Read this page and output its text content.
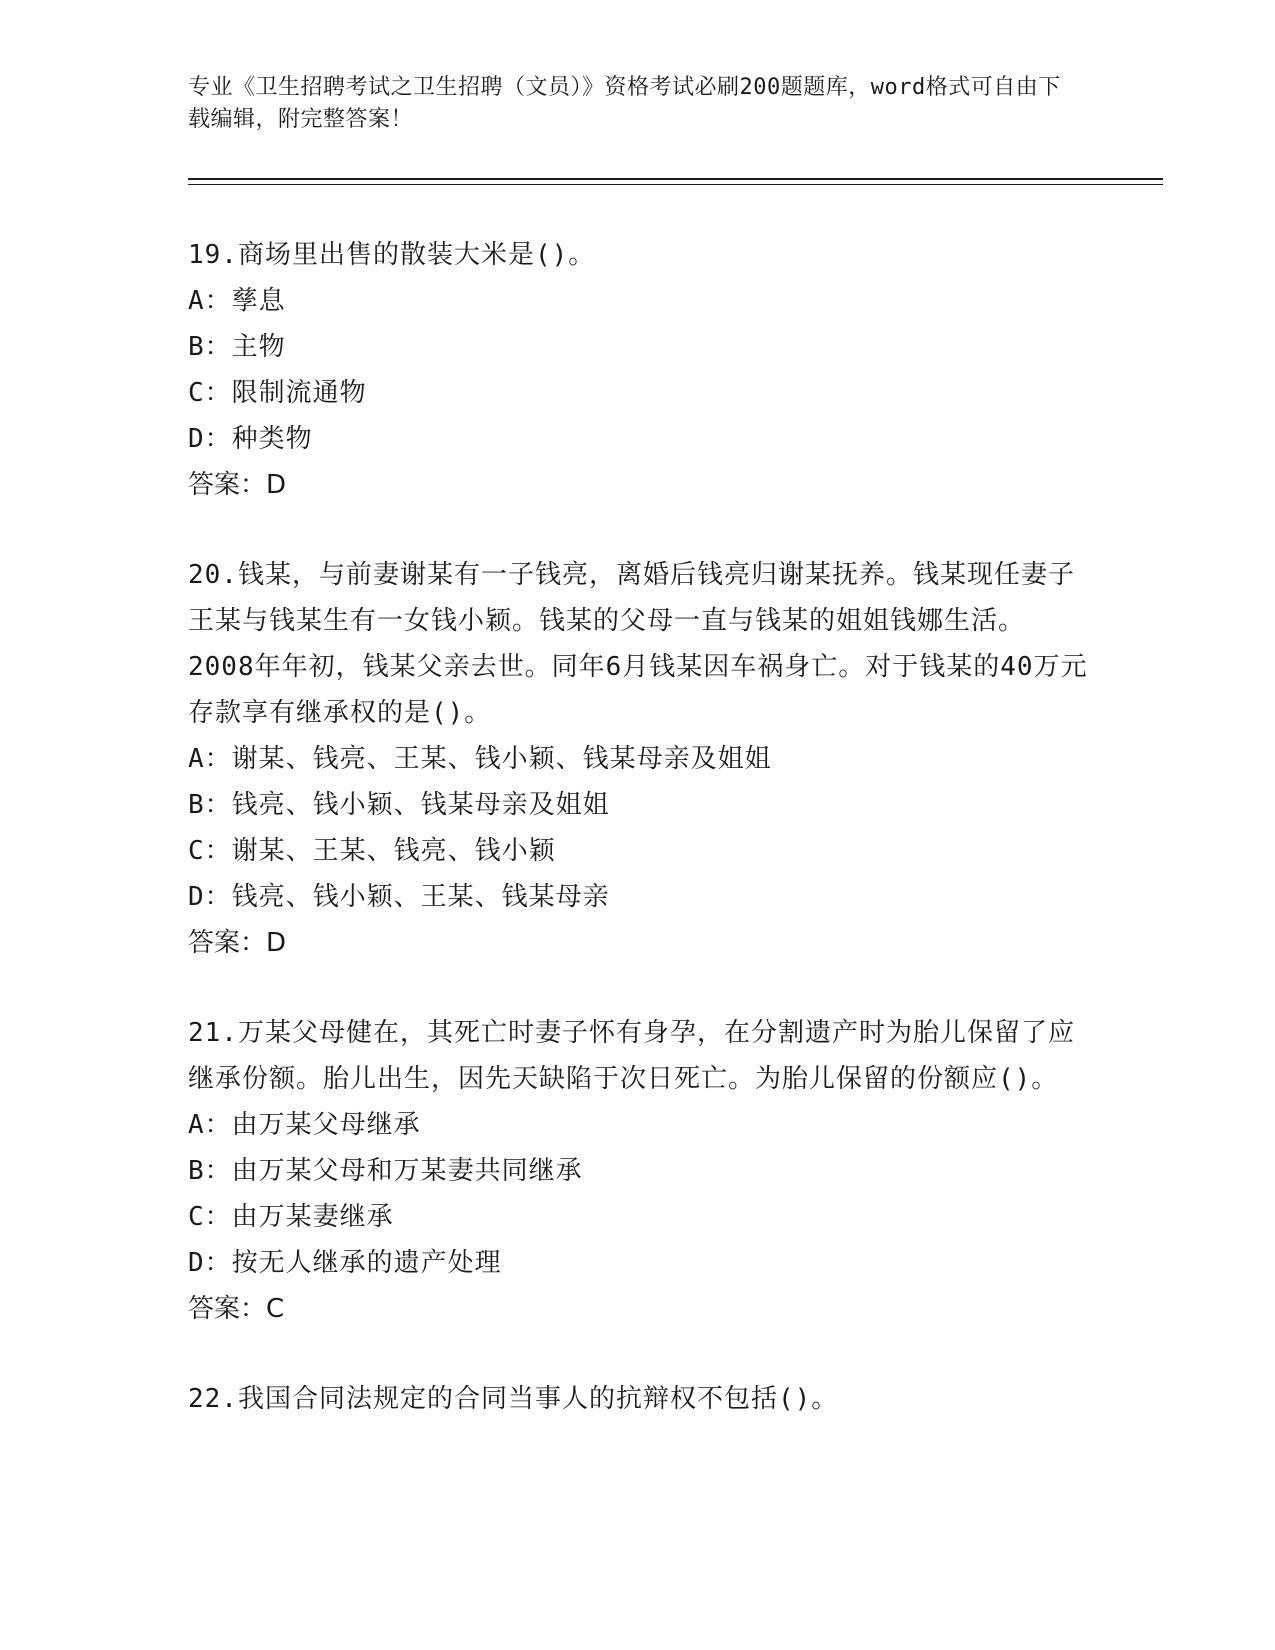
专业《卫生招聘考试之卫生招聘（文员）》资格考试必刷200题题库，word格式可自由下载编辑，附完整答案！
19.商场里出售的散装大米是()。
A：孳息
B：主物
C：限制流通物
D：种类物
答案：D
20.钱某，与前妻谢某有一子钱亮，离婚后钱亮归谢某抚养。钱某现任妻子王某与钱某生有一女钱小颖。钱某的父母一直与钱某的姐姐钱娜生活。2008年年初，钱某父亲去世。同年6月钱某因车祸身亡。对于钱某的40万元存款享有继承权的是()。
A：谢某、钱亮、王某、钱小颖、钱某母亲及姐姐
B：钱亮、钱小颖、钱某母亲及姐姐
C：谢某、王某、钱亮、钱小颖
D：钱亮、钱小颖、王某、钱某母亲
答案：D
21.万某父母健在，其死亡时妻子怀有身孕，在分割遗产时为胎儿保留了应继承份额。胎儿出生，因先天缺陷于次日死亡。为胎儿保留的份额应()。
A：由万某父母继承
B：由万某父母和万某妻共同继承
C：由万某妻继承
D：按无人继承的遗产处理
答案：C
22.我国合同法规定的合同当事人的抗辩权不包括()。
